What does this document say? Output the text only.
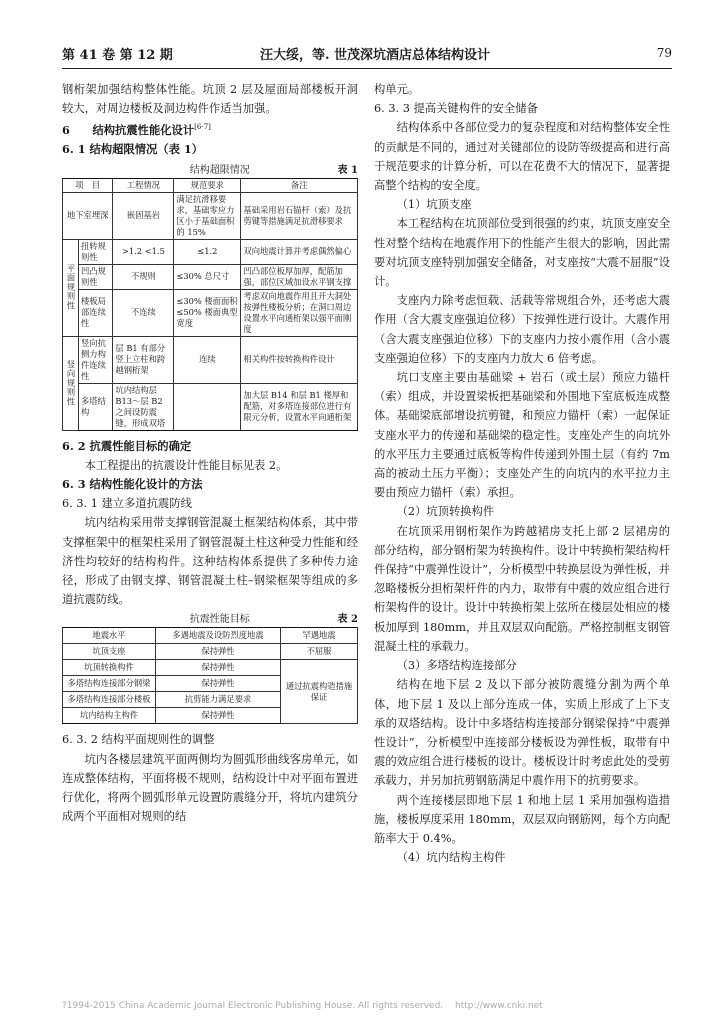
第 41 卷 第 12 期	汪大绥，等. 世茂深坑酒店总体结构设计	79

钢桁架加强结构整体性能。坑顶 2 层及屋面局部楼板开洞较大，对周边楼板及洞边构件作适当加强。

6　　结构抗震性能化设计[6-7]

6. 1 结构超限情况（表 1）

结构超限情况	表 1
项　目		工程情况	规范要求	备注
地下室埋深		嵌固基岩	满足抗滑移要求，基础零应力区小于基础面积的 15%	基础采用岩石锚杆（索）及抗剪键等措施满足抗滑移要求
平面规则性	扭转规则性	>1.2 <1.5	≤1.2	双向地震计算并考虑偶然偏心
	凹凸规则性	不规则	≤30% 总尺寸	凹凸部位板厚加厚，配筋加强，部位区域加设水平钢支撑
	楼板局部连续性	不连续	≤30% 楼面面积 ≤50% 楼面典型宽度	考虑双向地震作用且开大洞处按弹性楼板分析；在洞口周边设置水平向通桁架以强平面刚度
竖向规则性	竖向抗侧力构件连续性	层 B1 有部分竖上立柱和跨越钢桁架	连续	相关构件按转换构件设计
	多塔结构	坑内结构层 B13～层 B2 之间设防震缝，形成双塔		加大层 B14 和层 B1 楼厚和配筋，对多塔连接部位进行有限元分析，设置水平向通桁架

6. 2 抗震性能目标的确定

本工程提出的抗震设计性能目标见表 2。

6. 3 结构性能化设计的方法

6. 3. 1 建立多道抗震防线

坑内结构采用带支撑钢管混凝土框架结构体系，其中带支撑框架中的框架柱采用了钢管混凝土柱这种受力性能和经济性均较好的结构构件。这种结构体系提供了多种传力途径，形成了由钢支撑、钢管混凝土柱–钢梁框架等组成的多道抗震防线。

抗震性能目标	表 2
地震水平	多遇地震及设防烈度地震	罕遇地震
坑顶支座	保持弹性	不屈服
坑顶转换构件	保持弹性	通过抗震构造措施保证
多塔结构连接部分钢梁	保持弹性	
多塔结构连接部分楼板	抗剪能力满足要求	
坑内结构主构件	保持弹性	

6. 3. 2 结构平面规则性的调整

坑内各楼层建筑平面两侧均为圆弧形曲线客房单元，如连成整体结构，平面将极不规则，结构设计中对平面布置进行优化，将两个圆弧形单元设置防震缝分开，将坑内建筑分成两个平面相对规则的结

构单元。

6. 3. 3 提高关键构件的安全储备

结构体系中各部位受力的复杂程度和对结构整体安全性的贡献是不同的，通过对关键部位的设防等级提高和进行高于规范要求的计算分析，可以在花费不大的情况下，显著提高整个结构的安全度。

（1）坑顶支座

本工程结构在坑顶部位受到很强的约束，坑顶支座安全性对整个结构在地震作用下的性能产生很大的影响，因此需要对坑顶支座特别加强安全储备，对支座按“大震不屈服”设计。

支座内力除考虑恒载、活载等常规组合外，还考虑大震作用（含大震支座强迫位移）下按弹性进行设计。大震作用（含大震支座强迫位移）下的支座内力按小震作用（含小震支座强迫位移）下的支座内力放大 6 倍考虑。

坑口支座主要由基础梁 + 岩石（或土层）预应力锚杆（索）组成，并设置梁板把基础梁和外围地下室底板连成整体。基础梁底部增设抗剪键，和预应力锚杆（索）一起保证支座水平力的传递和基础梁的稳定性。支座处产生的向坑外的水平压力主要通过底板等构件传递到外围土层（有约 7m 高的被动土压力平衡）；支座处产生的向坑内的水平拉力主要由预应力锚杆（索）承担。

（2）坑顶转换构件

在坑顶采用钢桁架作为跨越裙房支托上部 2 层裙房的部分结构，部分钢桁架为转换构件。设计中转换桁架结构杆件保持“中震弹性设计”，分析模型中转换层设为弹性板，并忽略楼板分担桁架杆件的内力，取带有中震的效应组合进行桁架构件的设计。设计中转换桁架上弦所在楼层处相应的楼板加厚到 180mm，并且双层双向配筋。严格控制框支钢管混凝土柱的承载力。

（3）多塔结构连接部分

结构在地下层 2 及以下部分被防震缝分割为两个单体，地下层 1 及以上部分连成一体，实质上形成了上下支承的双塔结构。设计中多塔结构连接部分钢梁保持“中震弹性设计”，分析模型中连接部分楼板设为弹性板，取带有中震的效应组合进行楼板的设计。楼板设计时考虑此处的受剪承载力，并另加抗剪钢筋满足中震作用下的抗剪要求。

两个连接楼层即地下层 1 和地上层 1 采用加强构造措施，楼板厚度采用 180mm，双层双向钢筋网，每个方向配筋率大于 0.4%。

（4）坑内结构主构件

?1994-2015 China Academic Journal Electronic Publishing House. All rights reserved.　 http://www.cnki.net
